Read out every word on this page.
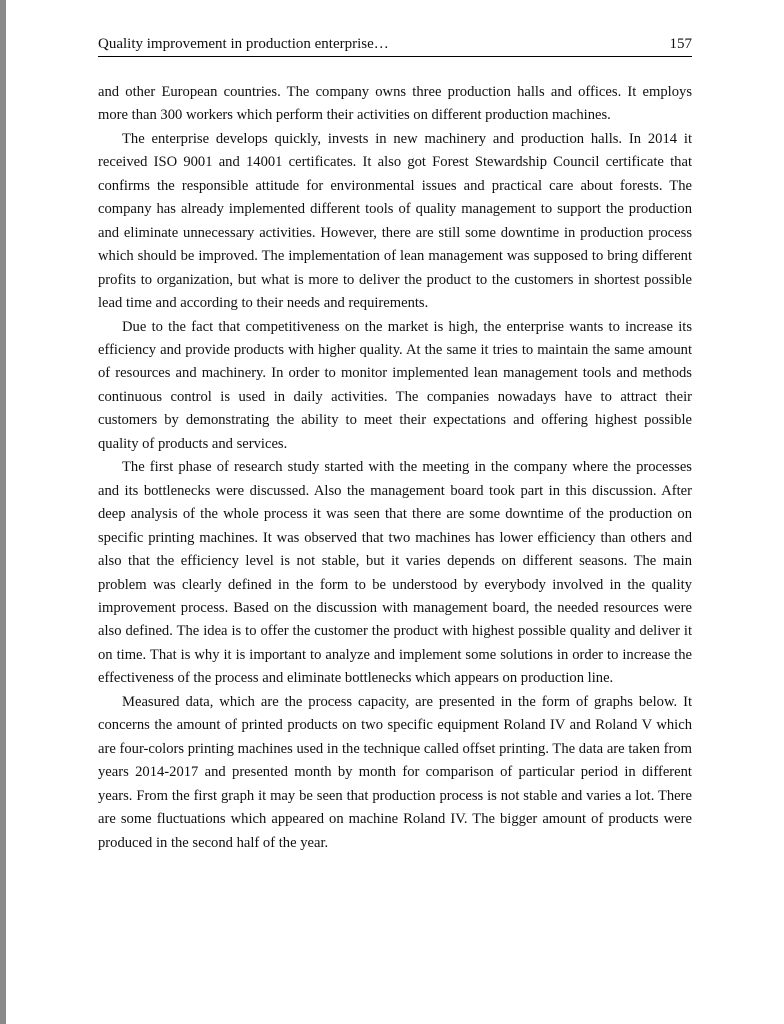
Quality improvement in production enterprise…	157

and other European countries. The company owns three production halls and offices. It employs more than 300 workers which perform their activities on different production machines.

The enterprise develops quickly, invests in new machinery and production halls. In 2014 it received ISO 9001 and 14001 certificates. It also got Forest Stewardship Council certificate that confirms the responsible attitude for environmental issues and practical care about forests. The company has already implemented different tools of quality management to support the production and eliminate unnecessary activities. However, there are still some downtime in production process which should be improved. The implementation of lean management was supposed to bring different profits to organization, but what is more to deliver the product to the customers in shortest possible lead time and according to their needs and requirements.

Due to the fact that competitiveness on the market is high, the enterprise wants to increase its efficiency and provide products with higher quality. At the same it tries to maintain the same amount of resources and machinery. In order to monitor implemented lean management tools and methods continuous control is used in daily activities. The companies nowadays have to attract their customers by demonstrating the ability to meet their expectations and offering highest possible quality of products and services.

The first phase of research study started with the meeting in the company where the processes and its bottlenecks were discussed. Also the management board took part in this discussion. After deep analysis of the whole process it was seen that there are some downtime of the production on specific printing machines. It was observed that two machines has lower efficiency than others and also that the efficiency level is not stable, but it varies depends on different seasons. The main problem was clearly defined in the form to be understood by everybody involved in the quality improvement process. Based on the discussion with management board, the needed resources were also defined. The idea is to offer the customer the product with highest possible quality and deliver it on time. That is why it is important to analyze and implement some solutions in order to increase the effectiveness of the process and eliminate bottlenecks which appears on production line.

Measured data, which are the process capacity, are presented in the form of graphs below. It concerns the amount of printed products on two specific equipment Roland IV and Roland V which are four-colors printing machines used in the technique called offset printing. The data are taken from years 2014-2017 and presented month by month for comparison of particular period in different years. From the first graph it may be seen that production process is not stable and varies a lot. There are some fluctuations which appeared on machine Roland IV. The bigger amount of products were produced in the second half of the year.
